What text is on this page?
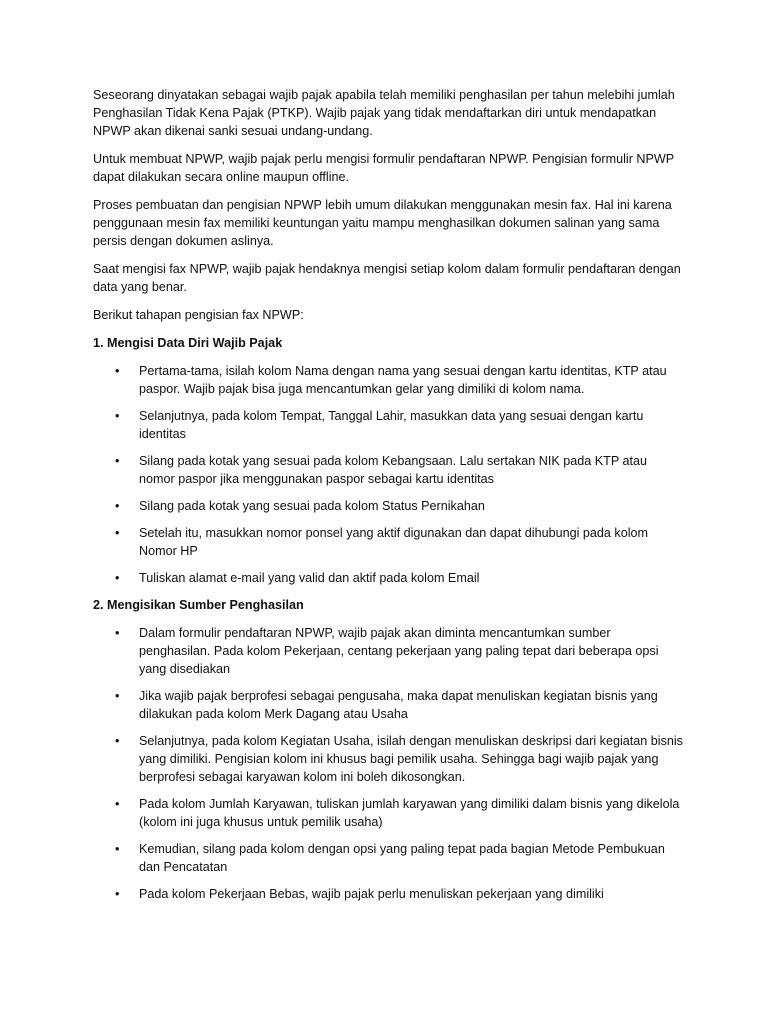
Seseorang dinyatakan sebagai wajib pajak apabila telah memiliki penghasilan per tahun melebihi jumlah Penghasilan Tidak Kena Pajak (PTKP). Wajib pajak yang tidak mendaftarkan diri untuk mendapatkan NPWP akan dikenai sanki sesuai undang-undang.

Untuk membuat NPWP, wajib pajak perlu mengisi formulir pendaftaran NPWP. Pengisian formulir NPWP dapat dilakukan secara online maupun offline.

Proses pembuatan dan pengisian NPWP lebih umum dilakukan menggunakan mesin fax. Hal ini karena penggunaan mesin fax memiliki keuntungan yaitu mampu menghasilkan dokumen salinan yang sama persis dengan dokumen aslinya.

Saat mengisi fax NPWP, wajib pajak hendaknya mengisi setiap kolom dalam formulir pendaftaran dengan data yang benar.

Berikut tahapan pengisian fax NPWP:

1. Mengisi Data Diri Wajib Pajak
• Pertama-tama, isilah kolom Nama dengan nama yang sesuai dengan kartu identitas, KTP atau paspor. Wajib pajak bisa juga mencantumkan gelar yang dimiliki di kolom nama.
• Selanjutnya, pada kolom Tempat, Tanggal Lahir, masukkan data yang sesuai dengan kartu identitas
• Silang pada kotak yang sesuai pada kolom Kebangsaan. Lalu sertakan NIK pada KTP atau nomor paspor jika menggunakan paspor sebagai kartu identitas
• Silang pada kotak yang sesuai pada kolom Status Pernikahan
• Setelah itu, masukkan nomor ponsel yang aktif digunakan dan dapat dihubungi pada kolom Nomor HP
• Tuliskan alamat e-mail yang valid dan aktif pada kolom Email
2. Mengisikan Sumber Penghasilan
• Dalam formulir pendaftaran NPWP, wajib pajak akan diminta mencantumkan sumber penghasilan. Pada kolom Pekerjaan, centang pekerjaan yang paling tepat dari beberapa opsi yang disediakan
• Jika wajib pajak berprofesi sebagai pengusaha, maka dapat menuliskan kegiatan bisnis yang dilakukan pada kolom Merk Dagang atau Usaha
• Selanjutnya, pada kolom Kegiatan Usaha, isilah dengan menuliskan deskripsi dari kegiatan bisnis yang dimiliki. Pengisian kolom ini khusus bagi pemilik usaha. Sehingga bagi wajib pajak yang berprofesi sebagai karyawan kolom ini boleh dikosongkan.
• Pada kolom Jumlah Karyawan, tuliskan jumlah karyawan yang dimiliki dalam bisnis yang dikelola (kolom ini juga khusus untuk pemilik usaha)
• Kemudian, silang pada kolom dengan opsi yang paling tepat pada bagian Metode Pembukuan dan Pencatatan
• Pada kolom Pekerjaan Bebas, wajib pajak perlu menuliskan pekerjaan yang dimiliki
